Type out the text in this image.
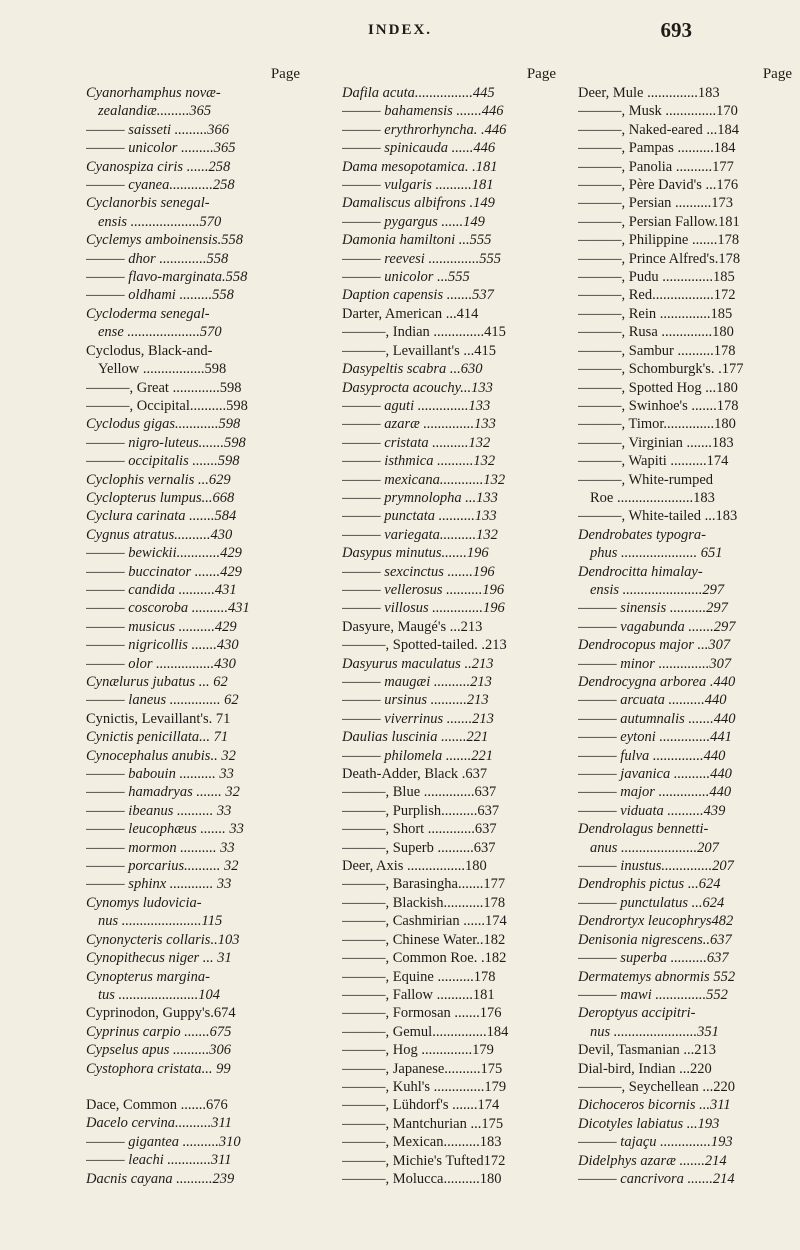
INDEX.	693
Page
Cyanorhamphus novæ-
zealandiæ.........365
——— saisseti .........366
——— unicolor .........365
Cyanospiza ciris ......258
——— cyanea............258
Cyclanorbis senegal-
ensis ...................570
Cyclemys amboinensis.558
——— dhor .............558
——— flavo-marginata.558
——— oldhami .........558
Cycloderma senegal-
ense ....................570
Cyclodus, Black-and-
Yellow .................598
———, Great .............598
———, Occipital..........598
Cyclodus gigas............598
——— nigro-luteus.......598
——— occipitalis .......598
Cyclophis vernalis ...629
Cyclopterus lumpus...668
Cyclura carinata .......584
Cygnus atratus..........430
——— bewickii............429
——— buccinator .......429
——— candida ..........431
——— coscoroba ..........431
——— musicus ..........429
——— nigricollis .......430
——— olor ................430
Cynælurus jubatus ... 62
——— laneus .............. 62
Cynictis, Levaillant's. 71
Cynictis penicillata... 71
Cynocephalus anubis.. 32
——— babouin .......... 33
——— hamadryas ....... 32
——— ibeanus .......... 33
——— leucophæus ....... 33
——— mormon .......... 33
——— porcarius.......... 32
——— sphinx ............ 33
Cynomys ludovicia-
nus ......................115
Cynonycteris collaris..103
Cynopithecus niger ... 31
Cynopterus margina-
tus ......................104
Cyprinodon, Guppy's.674
Cyprinus carpio .......675
Cypselus apus ..........306
Cystophora cristata... 99
Dace, Common .......676
Dacelo cervina..........311
——— gigantea ..........310
——— leachi ............311
Dacnis cayana ..........239
Page
Dafila acuta................445
——— bahamensis .......446
——— erythrorhyncha. .446
——— spinicauda ......446
Dama mesopotamica. .181
——— vulgaris ..........181
Damaliscus albifrons .149
——— pygargus ......149
Damonia hamiltoni ...555
——— reevesi ..............555
——— unicolor ...555
Daption capensis .......537
Darter, American ...414
———, Indian ..............415
———, Levaillant's ...415
Dasypeltis scabra ...630
Dasyprocta acouchy...133
——— aguti ..............133
——— azaræ ..............133
——— cristata ..........132
——— isthmica ..........132
——— mexicana............132
——— prymnolopha ...133
——— punctata ..........133
——— variegata..........132
Dasypus minutus.......196
——— sexcinctus .......196
——— vellerosus ..........196
——— villosus ..............196
Dasyure, Maugé's ...213
———, Spotted-tailed. .213
Dasyurus maculatus ..213
——— maugæi ..........213
——— ursinus ..........213
——— viverrinus .......213
Daulias luscinia .......221
——— philomela .......221
Death-Adder, Black .637
———, Blue ..............637
———, Purplish..........637
———, Short .............637
———, Superb ..........637
Deer, Axis ................180
———, Barasingha.......177
———, Blackish...........178
———, Cashmirian ......174
———, Chinese Water..182
———, Common Roe. .182
———, Equine ..........178
———, Fallow ..........181
———, Formosan .......176
———, Gemul...............184
———, Hog ..............179
———, Japanese..........175
———, Kuhl's ..............179
———, Lühdorf's .......174
———, Mantchurian ...175
———, Mexican..........183
———, Michie's Tufted172
———, Molucca..........180
Page
Deer, Mule ..............183
———, Musk ..............170
———, Naked-eared ...184
———, Pampas ..........184
———, Panolia ..........177
———, Père David's ...176
———, Persian ..........173
———, Persian Fallow.181
———, Philippine .......178
———, Prince Alfred's.178
———, Pudu ..............185
———, Red.................172
———, Rein ..............185
———, Rusa ..............180
———, Sambur ..........178
———, Schomburgk's. .177
———, Spotted Hog ...180
———, Swinhoe's .......178
———, Timor..............180
———, Virginian .......183
———, Wapiti ..........174
———, White-rumped
Roe .....................183
———, White-tailed ...183
Dendrobates typogra-
phus ..................... 651
Dendrocitta himalay-
ensis ......................297
——— sinensis ..........297
——— vagabunda .......297
Dendrocopus major ...307
——— minor ..............307
Dendrocygna arborea .440
——— arcuata ..........440
——— autumnalis .......440
——— eytoni ..............441
——— fulva ..............440
——— javanica ..........440
——— major ..............440
——— viduata ..........439
Dendrolagus bennetti-
anus .....................207
——— inustus..............207
Dendrophis pictus ...624
——— punctulatus ...624
Dendrortyx leucophrys482
Denisonia nigrescens..637
——— superba ..........637
Dermatemys abnormis 552
——— mawi ..............552
Deroptyus accipitri-
nus .......................351
Devil, Tasmanian ...213
Dial-bird, Indian ...220
———, Seychellean ...220
Dichoceros bicornis ...311
Dicotyles labiatus ...193
——— tajaçu ..............193
Didelphys azaræ .......214
——— cancrivora .......214
